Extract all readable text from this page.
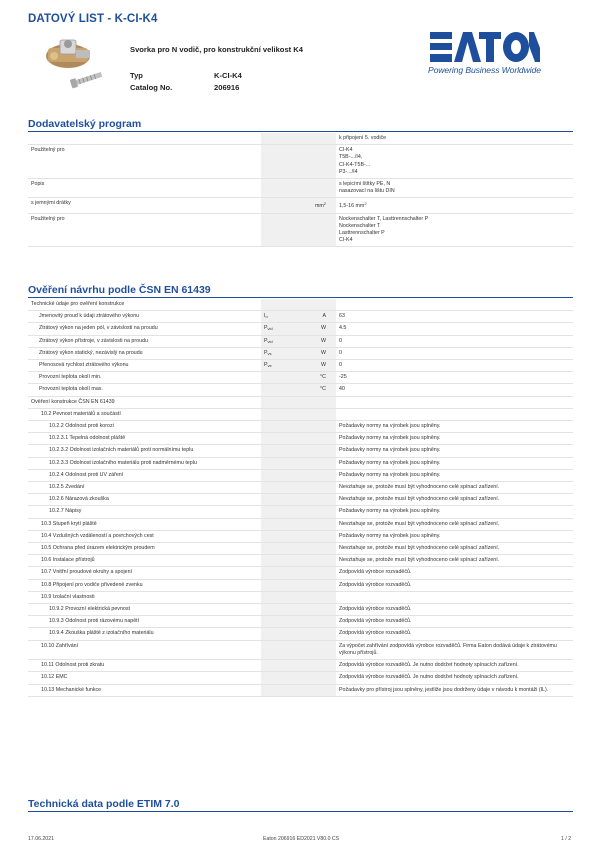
DATOVÝ LIST - K-CI-K4
Svorka pro N vodič, pro konstrukční velikost K4
Typ	K-CI-K4
Catalog No.	206916
Powering Business Worldwide
Dodavatelský program
			k připojení 5. vodiče
Použitelný pro			CI-K4
T5B-.../I4,
CI-K4-T5B-...
P3-.../I4
Popis			s lepicími štítky PE, N
nasazovací na lištu DIN
s jemnými drátky		$mm^2$	1,5-16 $mm^2$
Použitelný pro			Nockenschalter T, Lasttrennschalter P
Nockenschalter T
Lasttrennschalter P
CI-K4
Ověření návrhu podle ČSN EN 61439
Technické údaje pro ověření konstrukce			
Jmenovitý proud k údaji ztrátového výkonu	$I_n$	A	63
Ztrátový výkon na jeden pól, v závislosti na proudu	$P_{vid}$	W	4.5
Ztrátový výkon přístroje, v závislosti na proudu	$P_{vid}$	W	0
Ztrátový výkon statický, nezávislý na proudu	$P_{vs}$	W	0
Přenosová rychlost ztrátového výkonu	$P_{ve}$	W	0
Provozní teplota okolí min.		°C	-25
Provozní teplota okolí max.		°C	40
Ověření konstrukce ČSN EN 61439			
10.2 Pevnost materiálů a součástí			
10.2.2 Odolnost proti korozi			Požadavky normy na výrobek jsou splněny.
10.2.3.1 Tepelná odolnost pláště			Požadavky normy na výrobek jsou splněny.
10.2.3.2 Odolnost izolačních materiálů proti normálnímu teplu			Požadavky normy na výrobek jsou splněny.
10.2.3.3 Odolnost izolačního materiálu proti nadměrnému teplu			Požadavky normy na výrobek jsou splněny.
10.2.4 Odolnost proti UV záření			Požadavky normy na výrobek jsou splněny.
10.2.5 Zvedání			Nevztahuje se, protože musí být vyhodnoceno celé spínací zařízení.
10.2.6 Nárazová zkouška			Nevztahuje se, protože musí být vyhodnoceno celé spínací zařízení.
10.2.7 Nápisy			Požadavky normy na výrobek jsou splněny.
10.3 Stupeň krytí pláště			Nevztahuje se, protože musí být vyhodnoceno celé spínací zařízení.
10.4 Vzdušných vzdáleností a povrchových cest			Požadavky normy na výrobek jsou splněny.
10.5 Ochrana před úrazem elektrickým proudem			Nevztahuje se, protože musí být vyhodnoceno celé spínací zařízení.
10.6 Instalace přístrojů			Nevztahuje se, protože musí být vyhodnoceno celé spínací zařízení.
10.7 Vnitřní proudové okruhy a spojení			Zodpovídá výrobce rozvaděčů.
10.8 Připojení pro vodiče přivedené zvenku			Zodpovídá výrobce rozvaděčů.
10.9 Izolační vlastnosti			
10.9.2 Provozní elektrická pevnost			Zodpovídá výrobce rozvaděčů.
10.9.3 Odolnost proti rázovému napětí			Zodpovídá výrobce rozvaděčů.
10.9.4 Zkouška pláště z izolačního materiálu			Zodpovídá výrobce rozvaděčů.
10.10 Zahřívání			Za výpočet zahřívání zodpovídá výrobce rozvaděčů. Firma Eaton dodává údaje k ztrátovému výkonu přístrojů.
10.11 Odolnost proti zkratu			Zodpovídá výrobce rozvaděčů. Je nutno dodržet hodnoty spínacích zařízení.
10.12 EMC			Zodpovídá výrobce rozvaděčů. Je nutno dodržet hodnoty spínacích zařízení.
10.13 Mechanické funkce			Požadavky pro přístroj jsou splněny, jestliže jsou dodrženy údaje v návodu k montáži (IL).
Technická data podle ETIM 7.0
17.06.2021	Eaton 206916 ED2021 V80.0 CS	1 / 2
